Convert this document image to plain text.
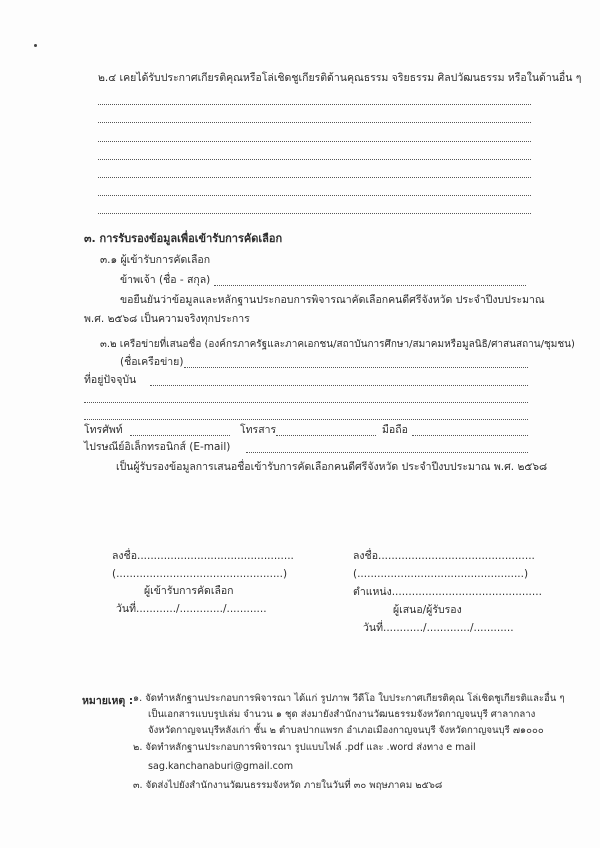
๒.๔ เคยได้รับประกาศเกียรติคุณหรือโล่เชิดชูเกียรติด้านคุณธรรม จริยธรรม ศิลปวัฒนธรรม หรือในด้านอื่น ๆ
๓. การรับรองข้อมูลเพื่อเข้ารับการคัดเลือก
๓.๑ ผู้เข้ารับการคัดเลือก
ข้าพเจ้า (ชื่อ - สกุล)
ขอยืนยันว่าข้อมูลและหลักฐานประกอบการพิจารณาคัดเลือกคนดีศรีจังหวัด ประจำปีงบประมาณ
พ.ศ. ๒๕๖๘ เป็นความจริงทุกประการ
๓.๒ เครือข่ายที่เสนอชื่อ (องค์กรภาครัฐและภาคเอกชน/สถาบันการศึกษา/สมาคมหรือมูลนิธิ/ศาสนสถาน/ชุมชน)
(ชื่อเครือข่าย)
ที่อยู่ปัจจุบัน
โทรศัพท์	โทรสาร	มือถือ
ไปรษณีย์อิเล็กทรอนิกส์ (E-mail)
เป็นผู้รับรองข้อมูลการเสนอชื่อเข้ารับการคัดเลือกคนดีศรีจังหวัด ประจำปีงบประมาณ พ.ศ. ๒๕๖๘
ลงชื่อ...............................................
(..................................................)
ผู้เข้ารับการคัดเลือก
วันที่............/............./............
ลงชื่อ...............................................
(..................................................)
ตำแหน่ง.............................................
ผู้เสนอ/ผู้รับรอง
วันที่............/............./............
หมายเหตุ : ๑. จัดทำหลักฐานประกอบการพิจารณา ได้แก่ รูปภาพ วีดีโอ ใบประกาศเกียรติคุณ โล่เชิดชูเกียรติและอื่น ๆ
เป็นเอกสารแบบรูปเล่ม จำนวน ๑ ชุด ส่งมายังสำนักงานวัฒนธรรมจังหวัดกาญจนบุรี ศาลากลาง
จังหวัดกาญจนบุรีหลังเก่า ชั้น ๒ ตำบลปากแพรก อำเภอเมืองกาญจนบุรี จังหวัดกาญจนบุรี ๗๑๐๐๐
๒. จัดทำหลักฐานประกอบการพิจารณา รูปแบบไฟล์ .pdf และ .word ส่งทาง e mail
sag.kanchanaburi@gmail.com
๓. จัดส่งไปยังสำนักงานวัฒนธรรมจังหวัด ภายในวันที่ ๓๐ พฤษภาคม ๒๕๖๘
